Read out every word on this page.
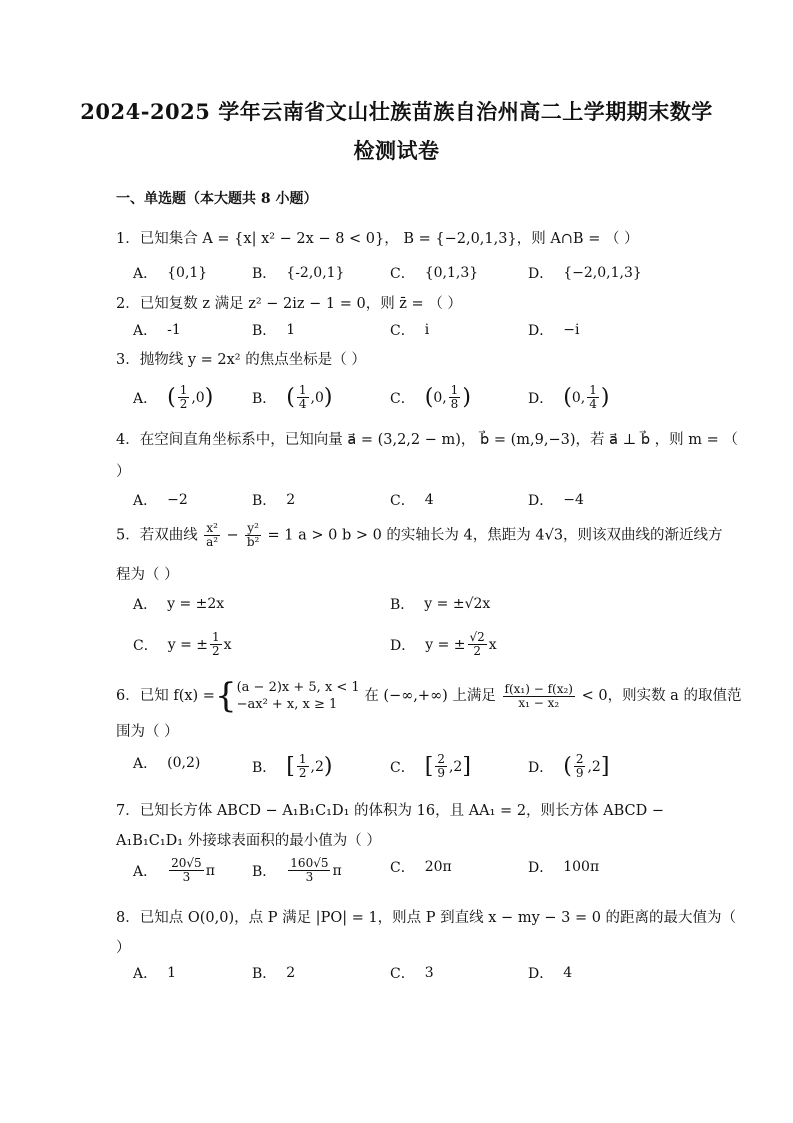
2024-2025 学年云南省文山壮族苗族自治州高二上学期期末数学
检测试卷
一、单选题（本大题共 8 小题）
1．已知集合 A = {x| x² − 2x − 8 < 0}， B = {−2,0,1,3}，则 A∩B = （ ）
A． {0,1}	B． {-2,0,1}	C． {0,1,3}	D． {−2,0,1,3}
2．已知复数 z 满足 z² − 2iz − 1 = 0，则 z̄ = （ ）
A． -1	B． 1	C． i	D． −i
3．抛物线 y = 2x² 的焦点坐标是（ ）
A． ( $\frac{1}{2} ,0$ )	B． ( $\frac{1}{4} ,0$ )	C． ( 0, $\frac{1}{8}$ )	D． ( 0, $\frac{1}{4}$ )
4．在空间直角坐标系中，已知向量 a⃗ = (3,2,2 − m)， b⃗ = (m,9,−3)，若 a⃗ ⊥ b⃗ ，则 m = （
）
A． −2	B． 2	C． 4	D． −4
5．若双曲线 $\frac{\text{x²}}{\text{a²}} - \frac{\text{y²}}{\text{b²}} = 1$ a > 0 b > 0 的实轴长为 4，焦距为 4√3，则该双曲线的渐近线方
程为（ ）
A． y = ±2x	B． y = ±√2x
C． y = ± $\frac{1}{2}$ x	D． y = ± $\frac{√2}{2}$ x
6．已知 f(x) ={ (a − 2)x + 5, x < 1
−ax² + x, x ≥ 1
在 (−∞,+∞) 上满足 $\frac{\text{f(x₁) − f(x₂)}}{\text{x₁ − x₂}} < 0$，则实数 a 的取值范
围为（ ）
A． (0,2)	B． [ $\frac{1}{2} ,2$ )	C． [ $\frac{2}{9} ,2$ ]	D． ( $\frac{2}{9} ,2$ ]
7．已知长方体 ABCD − A₁B₁C₁D₁ 的体积为 16，且 AA₁ = 2，则长方体 ABCD − A₁B₁C₁D₁ 外接球表面积的最小值为（ ）
A． $\frac{20√5}{3}$ π	B． $\frac{160√5}{3}$ π	C． 20π	D． 100π
8．已知点 O(0,0)，点 P 满足 |PO| = 1，则点 P 到直线 x − my − 3 = 0 的距离的最大值为（
）
A． 1	B． 2	C． 3	D． 4
